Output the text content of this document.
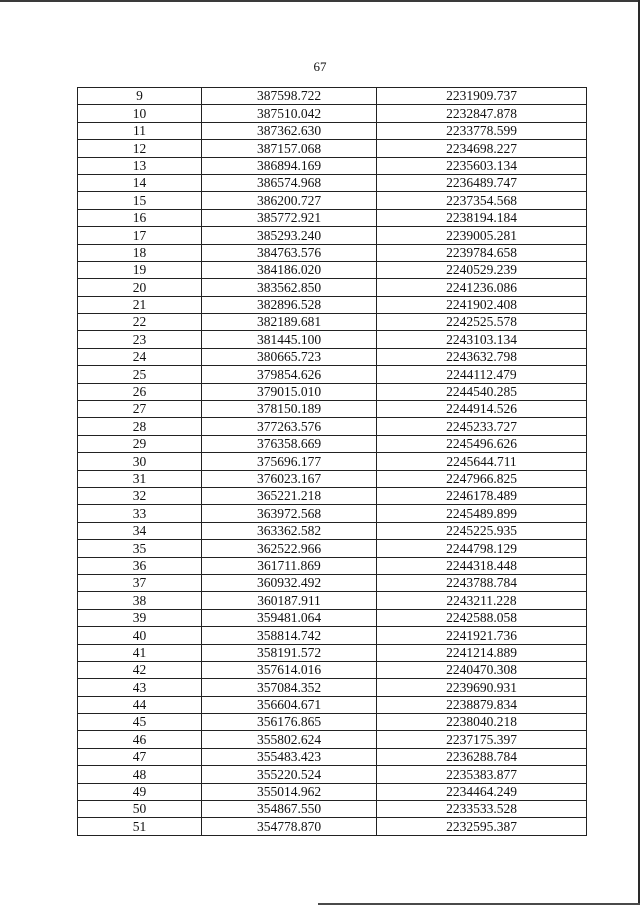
67
9	387598.722	2231909.737
10	387510.042	2232847.878
11	387362.630	2233778.599
12	387157.068	2234698.227
13	386894.169	2235603.134
14	386574.968	2236489.747
15	386200.727	2237354.568
16	385772.921	2238194.184
17	385293.240	2239005.281
18	384763.576	2239784.658
19	384186.020	2240529.239
20	383562.850	2241236.086
21	382896.528	2241902.408
22	382189.681	2242525.578
23	381445.100	2243103.134
24	380665.723	2243632.798
25	379854.626	2244112.479
26	379015.010	2244540.285
27	378150.189	2244914.526
28	377263.576	2245233.727
29	376358.669	2245496.626
30	375696.177	2245644.711
31	376023.167	2247966.825
32	365221.218	2246178.489
33	363972.568	2245489.899
34	363362.582	2245225.935
35	362522.966	2244798.129
36	361711.869	2244318.448
37	360932.492	2243788.784
38	360187.911	2243211.228
39	359481.064	2242588.058
40	358814.742	2241921.736
41	358191.572	2241214.889
42	357614.016	2240470.308
43	357084.352	2239690.931
44	356604.671	2238879.834
45	356176.865	2238040.218
46	355802.624	2237175.397
47	355483.423	2236288.784
48	355220.524	2235383.877
49	355014.962	2234464.249
50	354867.550	2233533.528
51	354778.870	2232595.387
